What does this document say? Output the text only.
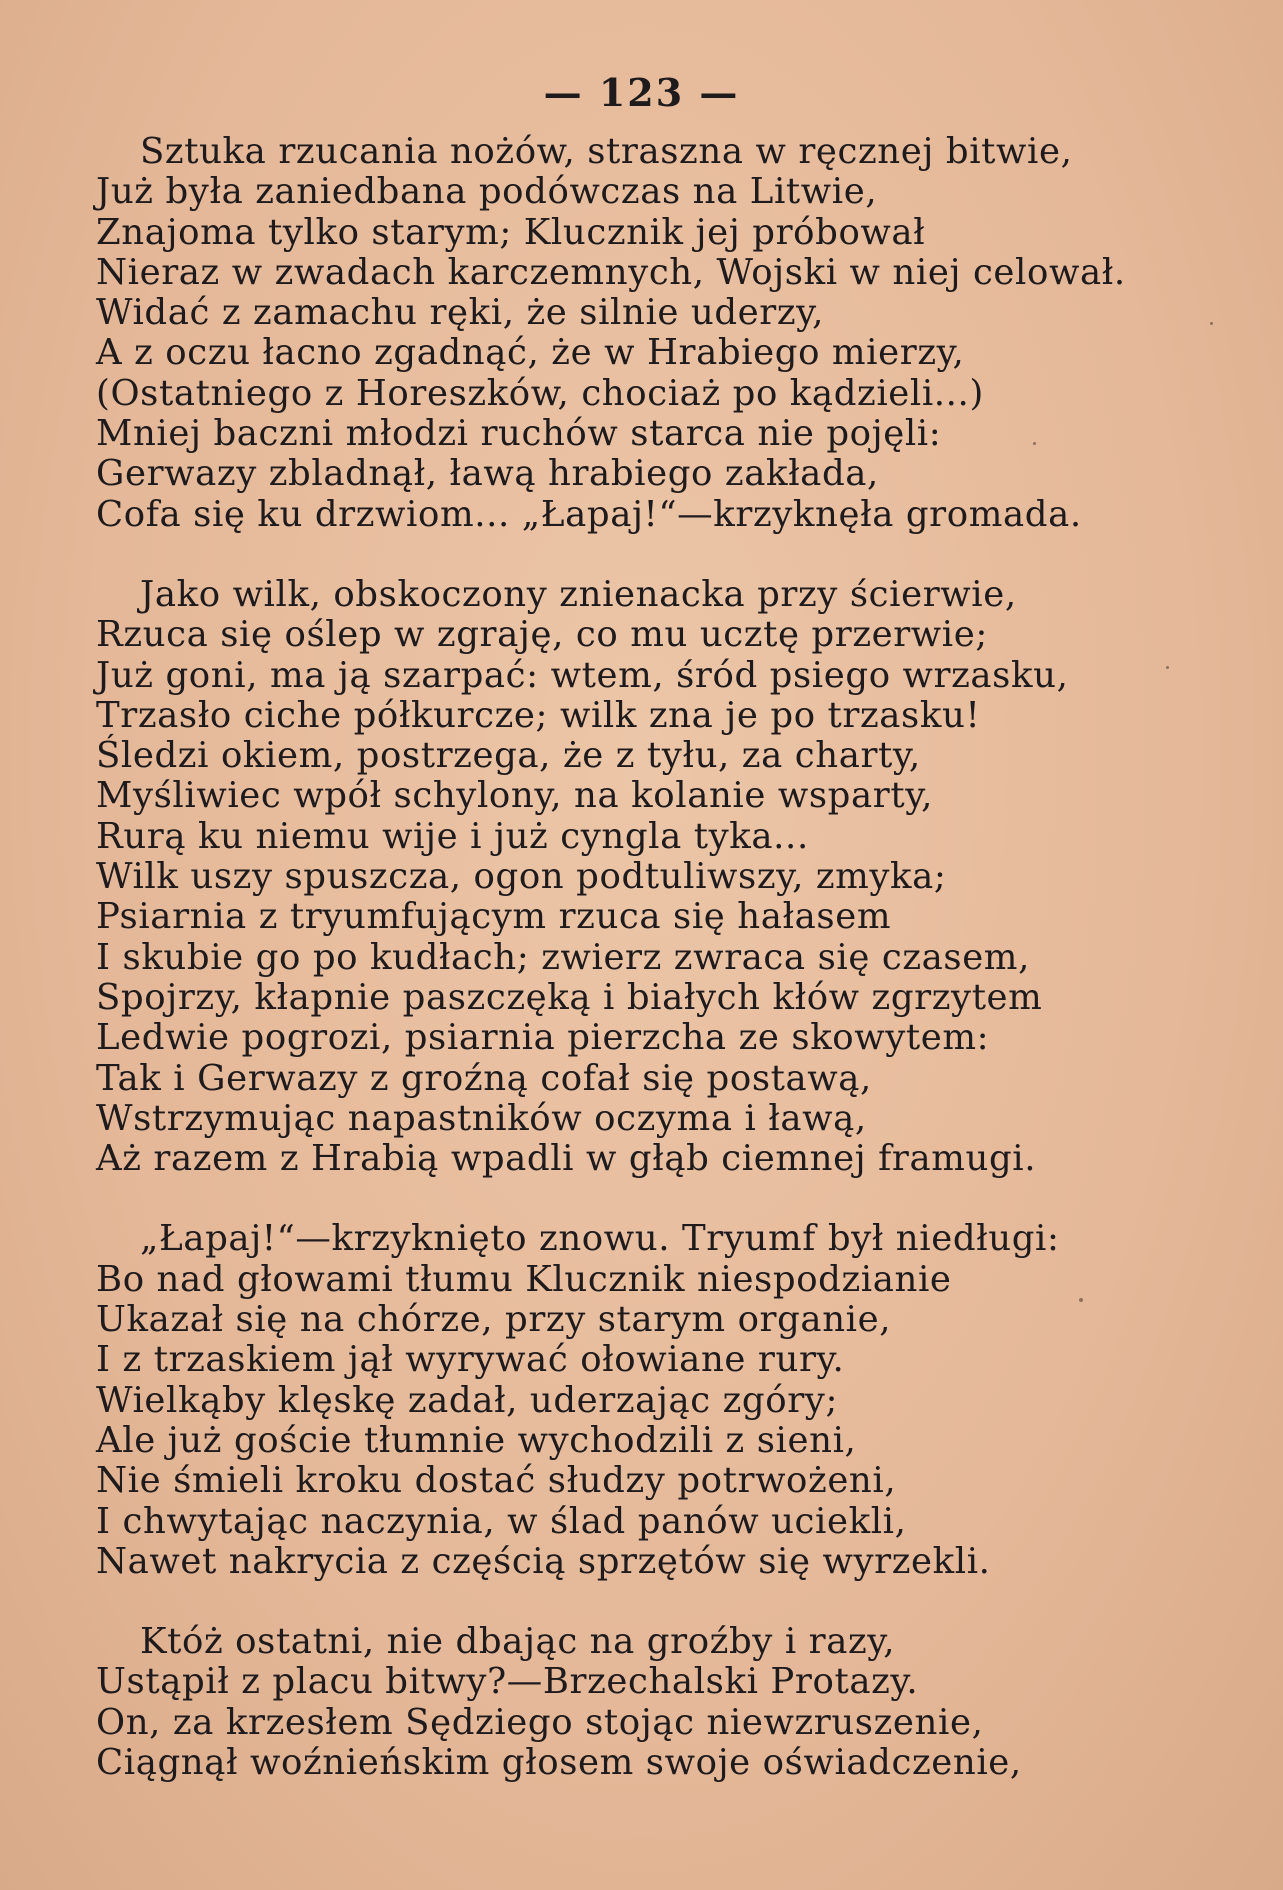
— 123 —
Sztuka rzucania nożów, straszna w ręcznej bitwie,
Już była zaniedbana podówczas na Litwie,
Znajoma tylko starym; Klucznik jej próbował
Nieraz w zwadach karczemnych, Wojski w niej celował.
Widać z zamachu ręki, że silnie uderzy,
A z oczu łacno zgadnąć, że w Hrabiego mierzy,
(Ostatniego z Horeszków, chociaż po kądzieli...)
Mniej baczni młodzi ruchów starca nie pojęli:
Gerwazy zbladnął, ławą hrabiego zakłada,
Cofa się ku drzwiom... „Łapaj!“—krzyknęła gromada.
Jako wilk, obskoczony znienacka przy ścierwie,
Rzuca się oślep w zgraję, co mu ucztę przerwie;
Już goni, ma ją szarpać: wtem, śród psiego wrzasku,
Trzasło ciche półkurcze; wilk zna je po trzasku!
Śledzi okiem, postrzega, że z tyłu, za charty,
Myśliwiec wpół schylony, na kolanie wsparty,
Rurą ku niemu wije i już cyngla tyka...
Wilk uszy spuszcza, ogon podtuliwszy, zmyka;
Psiarnia z tryumfującym rzuca się hałasem
I skubie go po kudłach; zwierz zwraca się czasem,
Spojrzy, kłapnie paszczęką i białych kłów zgrzytem
Ledwie pogrozi, psiarnia pierzcha ze skowytem:
Tak i Gerwazy z groźną cofał się postawą,
Wstrzymując napastników oczyma i ławą,
Aż razem z Hrabią wpadli w głąb ciemnej framugi.
„Łapaj!“—krzyknięto znowu. Tryumf był niedługi:
Bo nad głowami tłumu Klucznik niespodzianie
Ukazał się na chórze, przy starym organie,
I z trzaskiem jął wyrywać ołowiane rury.
Wielkąby klęskę zadał, uderzając zgóry;
Ale już goście tłumnie wychodzili z sieni,
Nie śmieli kroku dostać słudzy potrwożeni,
I chwytając naczynia, w ślad panów uciekli,
Nawet nakrycia z częścią sprzętów się wyrzekli.
Któż ostatni, nie dbając na groźby i razy,
Ustąpił z placu bitwy?—Brzechalski Protazy.
On, za krzesłem Sędziego stojąc niewzruszenie,
Ciągnął woźnieńskim głosem swoje oświadczenie,
